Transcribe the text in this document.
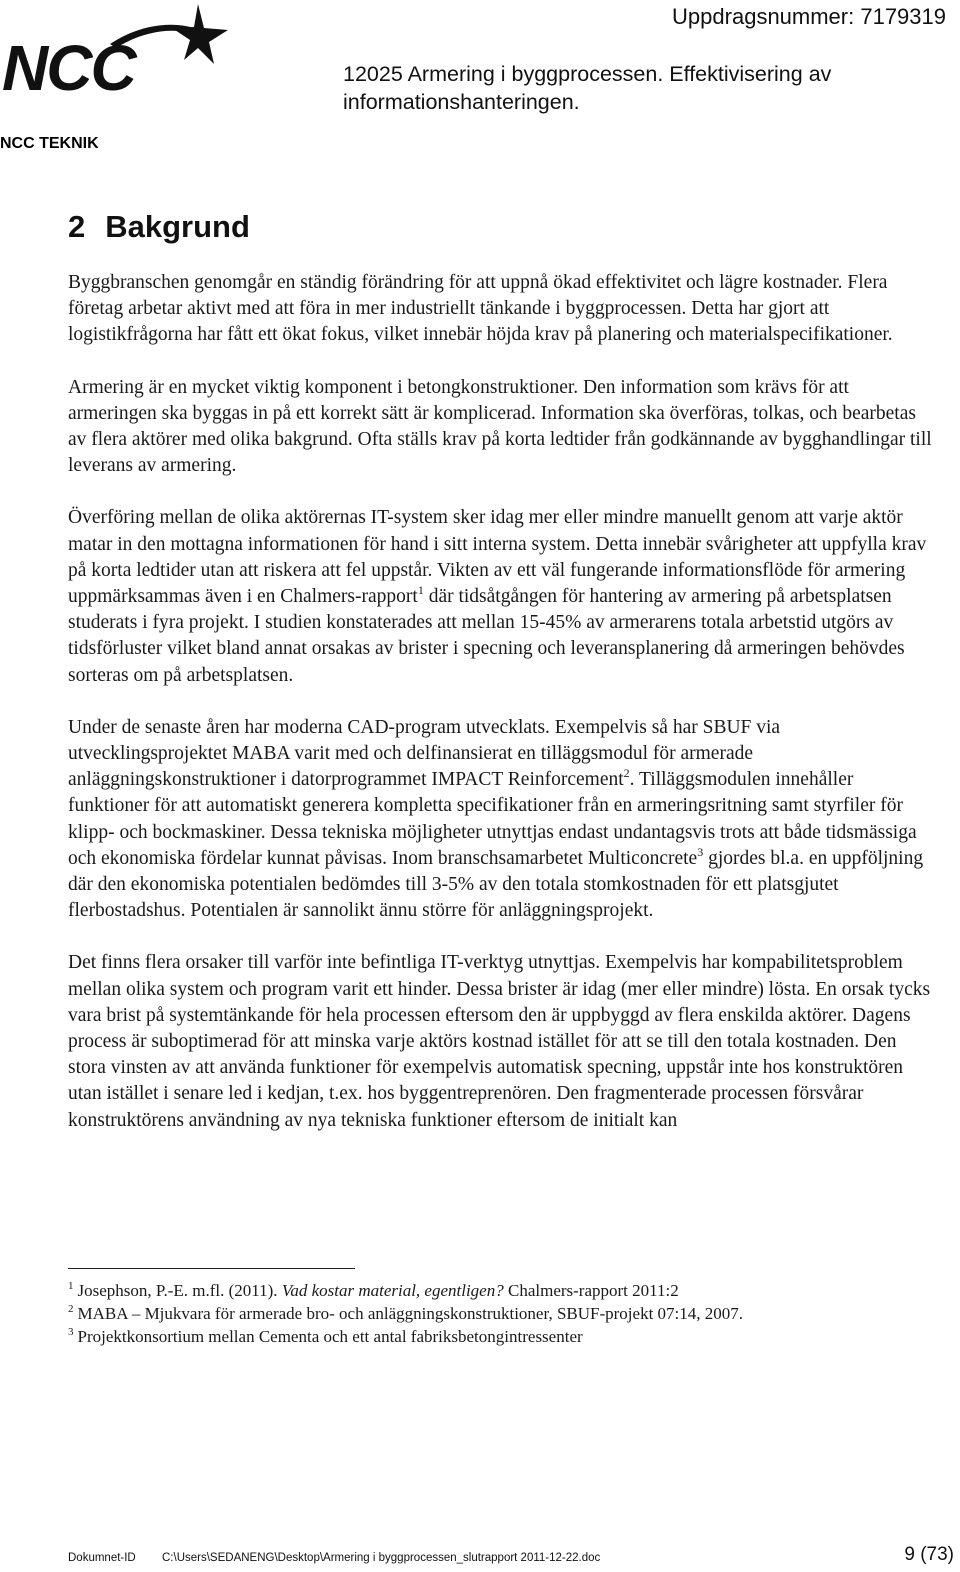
NCC
NCC TEKNIK
Uppdragsnummer: 7179319
12025 Armering i byggprocessen. Effektivisering av informationshanteringen.
2 Bakgrund

Byggbranschen genomgår en ständig förändring för att uppnå ökad effektivitet och lägre kostnader. Flera företag arbetar aktivt med att föra in mer industriellt tänkande i byggprocessen. Detta har gjort att logistikfrågorna har fått ett ökat fokus, vilket innebär höjda krav på planering och materialspecifikationer.

Armering är en mycket viktig komponent i betongkonstruktioner. Den information som krävs för att armeringen ska byggas in på ett korrekt sätt är komplicerad. Information ska överföras, tolkas, och bearbetas av flera aktörer med olika bakgrund. Ofta ställs krav på korta ledtider från godkännande av bygghandlingar till leverans av armering.

Överföring mellan de olika aktörernas IT-system sker idag mer eller mindre manuellt genom att varje aktör matar in den mottagna informationen för hand i sitt interna system. Detta innebär svårigheter att uppfylla krav på korta ledtider utan att riskera att fel uppstår. Vikten av ett väl fungerande informationsflöde för armering uppmärksammas även i en Chalmers-rapport$^1$ där tidsåtgången för hantering av armering på arbetsplatsen studerats i fyra projekt. I studien konstaterades att mellan 15-45% av armerarens totala arbetstid utgörs av tidsförluster vilket bland annat orsakas av brister i specning och leveransplanering då armeringen behövdes sorteras om på arbetsplatsen.

Under de senaste åren har moderna CAD-program utvecklats. Exempelvis så har SBUF via utvecklingsprojektet MABA varit med och delfinansierat en tilläggsmodul för armerade anläggningskonstruktioner i datorprogrammet IMPACT Reinforcement$^2$. Tilläggsmodulen innehåller funktioner för att automatiskt generera kompletta specifikationer från en armeringsritning samt styrfiler för klipp- och bockmaskiner. Dessa tekniska möjligheter utnyttjas endast undantagsvis trots att både tidsmässiga och ekonomiska fördelar kunnat påvisas. Inom branschsamarbetet Multiconcrete$^3$ gjordes bl.a. en uppföljning där den ekonomiska potentialen bedömdes till 3-5% av den totala stomkostnaden för ett platsgjutet flerbostadshus. Potentialen är sannolikt ännu större för anläggningsprojekt.

Det finns flera orsaker till varför inte befintliga IT-verktyg utnyttjas. Exempelvis har kompabilitetsproblem mellan olika system och program varit ett hinder. Dessa brister är idag (mer eller mindre) lösta. En orsak tycks vara brist på systemtänkande för hela processen eftersom den är uppbyggd av flera enskilda aktörer. Dagens process är suboptimerad för att minska varje aktörs kostnad istället för att se till den totala kostnaden. Den stora vinsten av att använda funktioner för exempelvis automatisk specning, uppstår inte hos konstruktören utan istället i senare led i kedjan, t.ex. hos byggentreprenören. Den fragmenterade processen försvårar konstruktörens användning av nya tekniska funktioner eftersom de initialt kan

$^1$ Josephson, P.-E. m.fl. (2011). Vad kostar material, egentligen? Chalmers-rapport 2011:2

$^2$ MABA – Mjukvara för armerade bro- och anläggningskonstruktioner, SBUF-projekt 07:14, 2007.

$^3$ Projektkonsortium mellan Cementa och ett antal fabriksbetongintressenter

Dokumnet-ID C:\Users\SEDANENG\Desktop\Armering i byggprocessen_slutrapport 2011-12-22.doc	9 (73)
